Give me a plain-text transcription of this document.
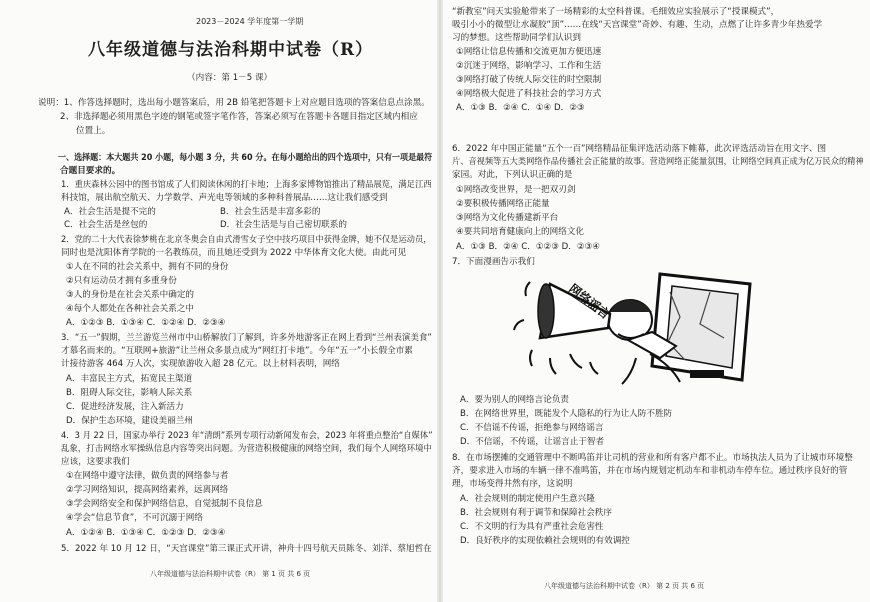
2023－2024 学年度第一学期
八年级道德与法治科期中试卷（R）
（内容：第 1－5 课）
说明：1、作答选择题时，选出每小题答案后，用 2B 铅笔把答题卡上对应题目选项的答案信息点涂黑。
2、非选择题必须用黑色字迹的钢笔或签字笔作答，答案必须写在答题卡各题目指定区域内相应
位置上。
一、选择题：本大题共 20 小题，每小题 3 分，共 60 分。在每小题给出的四个选项中，只有一项是最符
合题目要求的。
1．重庆森林公园中的图书馆成了人们阅读休闲的打卡地；上海多家博物馆推出了精品展览，满足江西
科技馆，展出航空航天、力学数学、声光电等领域的多种科普展品……这让我们感受到
A．社会生活是提不完的	B．社会生活是丰富多彩的
C．社会生活是丝包的	D．社会生活是与自己密切联系的
2．党的二十大代表徐梦桃在北京冬奥会自由式滑雪女子空中技巧项目中获得金牌，她不仅是运动员，
同时也是沈阳体育学院的一名教练员，而且她还受到为 2022 中华体育文化大使。由此可见
①人在不同的社会关系中，拥有不同的身份
②只有运动员才拥有多重身份
③人的身份是在社会关系中确定的
④每个人都处在各种社会关系之中
A．①②③ B．①③④ C．①②④ D．②③④
3．“五一”假期，兰兰游览兰州市中山桥解放门了解到，许多外地游客正在网上看到“兰州表演美食”
才慕名而来的。“互联网+旅游”让兰州众多景点成为“网红打卡地”。今年“五一”小长假全市累
计接待游客 464 万人次，实现旅游收入超 28 亿元。以上材料表明，网络
A．丰富民主方式，拓宽民主渠道
B．阻碍人际交往，影响人际关系
C．促进经济发展，注入新活力
D．保护生态环境，建设美丽兰州
4．3 月 22 日，国家办举行 2023 年“清朗”系列专项行动新闻发布会，2023 年将重点整治“自媒体”
乱象，打击网络水军操纵信息内容等突出问题。为营造积极健康的网络空间，我们每个人网络环境中
应该，这要求我们
①在网络中遵守法律，做负责的网络参与者
②学习网络知识，提高网络素养，远离网络
③学会网络安全和保护网络信息，自觉抵制不良信息
④学会“信息节食”，不可沉溺于网络
A．①②④ B．①③④ C．①②③ D．②③④
5．2022 年 10 月 12 日，“天宫课堂”第三课正式开讲，神舟十四号航天员陈冬、刘洋、蔡旭哲在
八年级道德与法治科期中试卷（R） 第 1 页 共 6 页
“新教室”问天实验舱带来了一场精彩的太空科普课。毛细效应实验展示了“授课模式”，
吸引小小的微型让水凝胶“顶”……在线“天宫课堂”奇妙、有趣、生动，点燃了让许多青少年热爱学
习的梦想。这些帮助同学们认识到
①网络让信息传播和交流更加方便迅速
②沉迷于网络，影响学习、工作和生活
③网络打破了传统人际交往的时空限制
④网络极大促进了科技社会的学习方式
A．①③ B．②④ C．①④ D．②③
6．2022 年中国正能量“五个一百”网络精品征集评选活动落下帷幕，此次评选活动旨在用文字、图
片、音视频等五大类网络作品传播社会正能量的故事。营造网络正能量氛围，让网络空间真正成为亿万民众的精神
家园。对此，下列认识正确的是
①网络改变世界，是一把双刃剑
②要积极传播网络正能量
③网络为文化传播建新平台
④要共同培育健康向上的网络文化
A．①③ B．②④ C．①②③ D．②③④
7．下面漫画告示我们
A．要为别人的网络言论负责
B．在网络世界里，既能发个人隐私的行为让人防不胜防
C．不信谣不传谣，拒绝参与网络谣言
D．不信谣，不传谣，让谣言止于智者
8．在市场摆摊的交通管理中不断鸣笛并让司机的营业和所有客户都不止。市场执法人员为了让城市环境整
齐，要求进入市场的车辆一律不准鸣笛，并在市场内规划定机动车和非机动车停车位。通过秩序良好的管
理，市场变得井然有序，这说明
A．社会规则的制定使用户生意兴隆
B．社会规则有利于调节和保障社会秩序
C．不文明的行为具有严重社会危害性
D．良好秩序的实现依赖社会规则的有效调控
八年级道德与法治科期中试卷（R） 第 2 页 共 6 页
网络谣言
